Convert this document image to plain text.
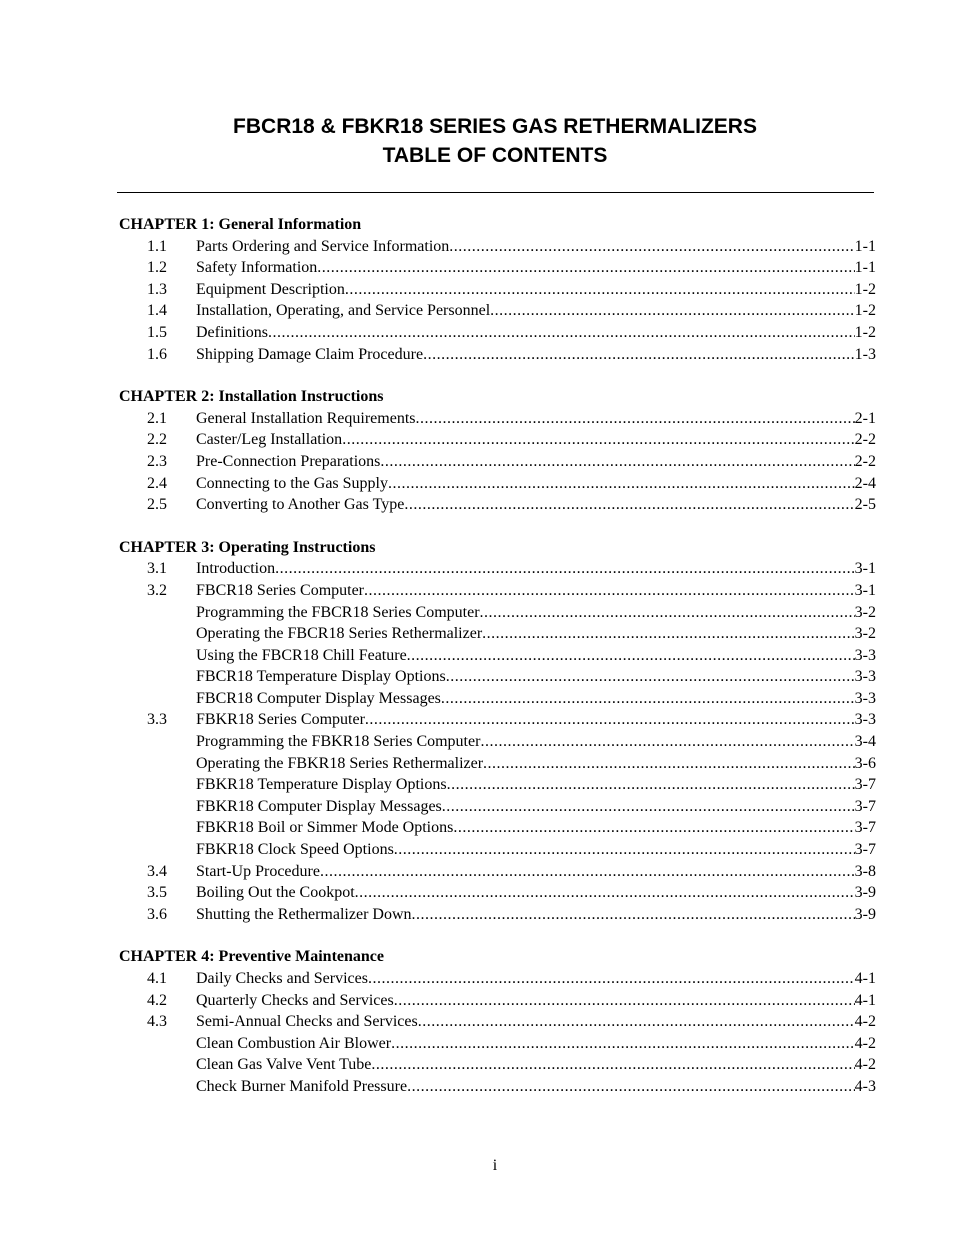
FBCR18 & FBKR18 SERIES GAS RETHERMALIZERS
TABLE OF CONTENTS
CHAPTER 1: General Information
1.1	Parts Ordering and Service Information .....	1-1
1.2	Safety Information .....	1-1
1.3	Equipment Description .....	1-2
1.4	Installation, Operating, and Service Personnel .....	1-2
1.5	Definitions .....	1-2
1.6	Shipping Damage Claim Procedure .....	1-3
CHAPTER 2: Installation Instructions
2.1	General Installation Requirements .....	2-1
2.2	Caster/Leg Installation .....	2-2
2.3	Pre-Connection Preparations .....	2-2
2.4	Connecting to the Gas Supply .....	2-4
2.5	Converting to Another Gas Type .....	2-5
CHAPTER 3: Operating Instructions
3.1	Introduction .....	3-1
3.2	FBCR18 Series Computer .....	3-1
Programming the FBCR18 Series Computer .....	3-2
Operating the FBCR18 Series Rethermalizer .....	3-2
Using the FBCR18 Chill Feature .....	3-3
FBCR18 Temperature Display Options .....	3-3
FBCR18 Computer Display Messages .....	3-3
3.3	FBKR18 Series Computer .....	3-3
Programming the FBKR18 Series Computer .....	3-4
Operating the FBKR18 Series Rethermalizer .....	3-6
FBKR18 Temperature Display Options .....	3-7
FBKR18 Computer Display Messages .....	3-7
FBKR18 Boil or Simmer Mode Options .....	3-7
FBKR18 Clock Speed Options .....	3-7
3.4	Start-Up Procedure .....	3-8
3.5	Boiling Out the Cookpot .....	3-9
3.6	Shutting the Rethermalizer Down .....	3-9
CHAPTER 4: Preventive Maintenance
4.1	Daily Checks and Services .....	4-1
4.2	Quarterly Checks and Services .....	4-1
4.3	Semi-Annual Checks and Services .....	4-2
Clean Combustion Air Blower .....	4-2
Clean Gas Valve Vent Tube .....	4-2
Check Burner Manifold Pressure .....	4-3
i
